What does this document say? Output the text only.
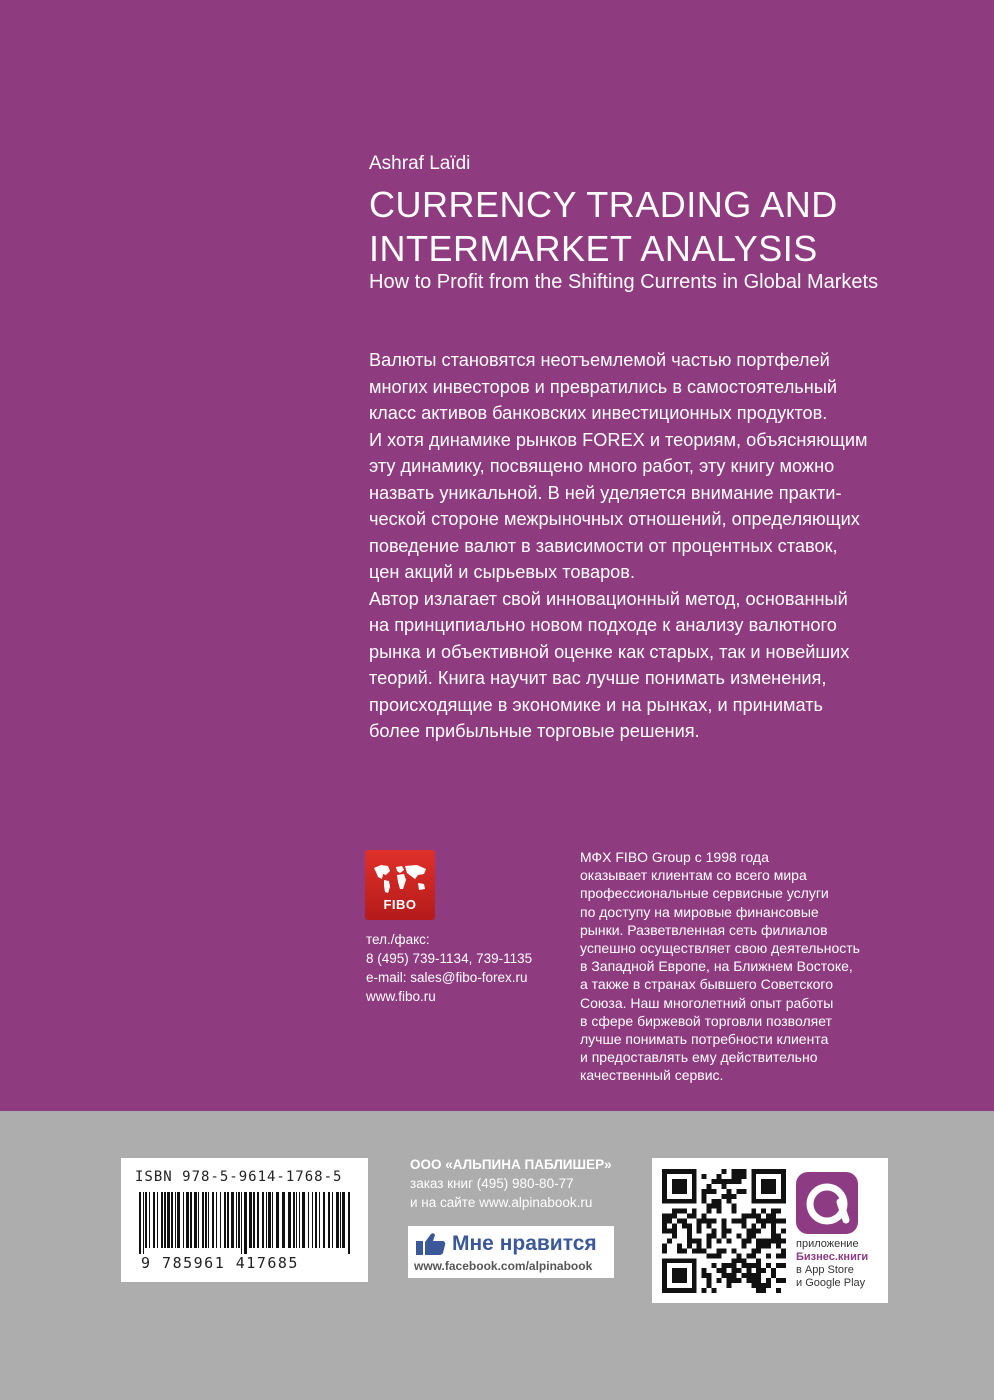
Ashraf Laïdi
CURRENCY TRADING AND
INTERMARKET ANALYSIS
How to Profit from the Shifting Currents in Global Markets
Валюты становятся неотъемлемой частью портфелей
многих инвесторов и превратились в самостоятельный
класс активов банковских инвестиционных продуктов.
И хотя динамике рынков FOREX и теориям, объясняющим
эту динамику, посвящено много работ, эту книгу можно
назвать уникальной. В ней уделяется внимание практи-
ческой стороне межрыночных отношений, определяющих
поведение валют в зависимости от процентных ставок,
цен акций и сырьевых товаров.
Автор излагает свой инновационный метод, основанный
на принципиально новом подходе к анализу валютного
рынка и объективной оценке как старых, так и новейших
теорий. Книга научит вас лучше понимать изменения,
происходящие в экономике и на рынках, и принимать
более прибыльные торговые решения.
FIBO
тел./факс:
8 (495) 739-1134, 739-1135
e-mail: sales@fibo-forex.ru
www.fibo.ru
МФХ FIBO Group с 1998 года
оказывает клиентам со всего мира
профессиональные сервисные услуги
по доступу на мировые финансовые
рынки. Разветвленная сеть филиалов
успешно осуществляет свою деятельность
в Западной Европе, на Ближнем Востоке,
а также в странах бывшего Советского
Союза. Наш многолетний опыт работы
в сфере биржевой торговли позволяет
лучше понимать потребности клиента
и предоставлять ему действительно
качественный сервис.
ISBN 978-5-9614-1768-5
9 785961 417685
ООО «АЛЬПИНА ПАБЛИШЕР»
заказ книг (495) 980-80-77
и на сайте www.alpinabook.ru
Мне нравится
www.facebook.com/alpinabook
приложение
Бизнес.книги
в App Store
и Google Play
